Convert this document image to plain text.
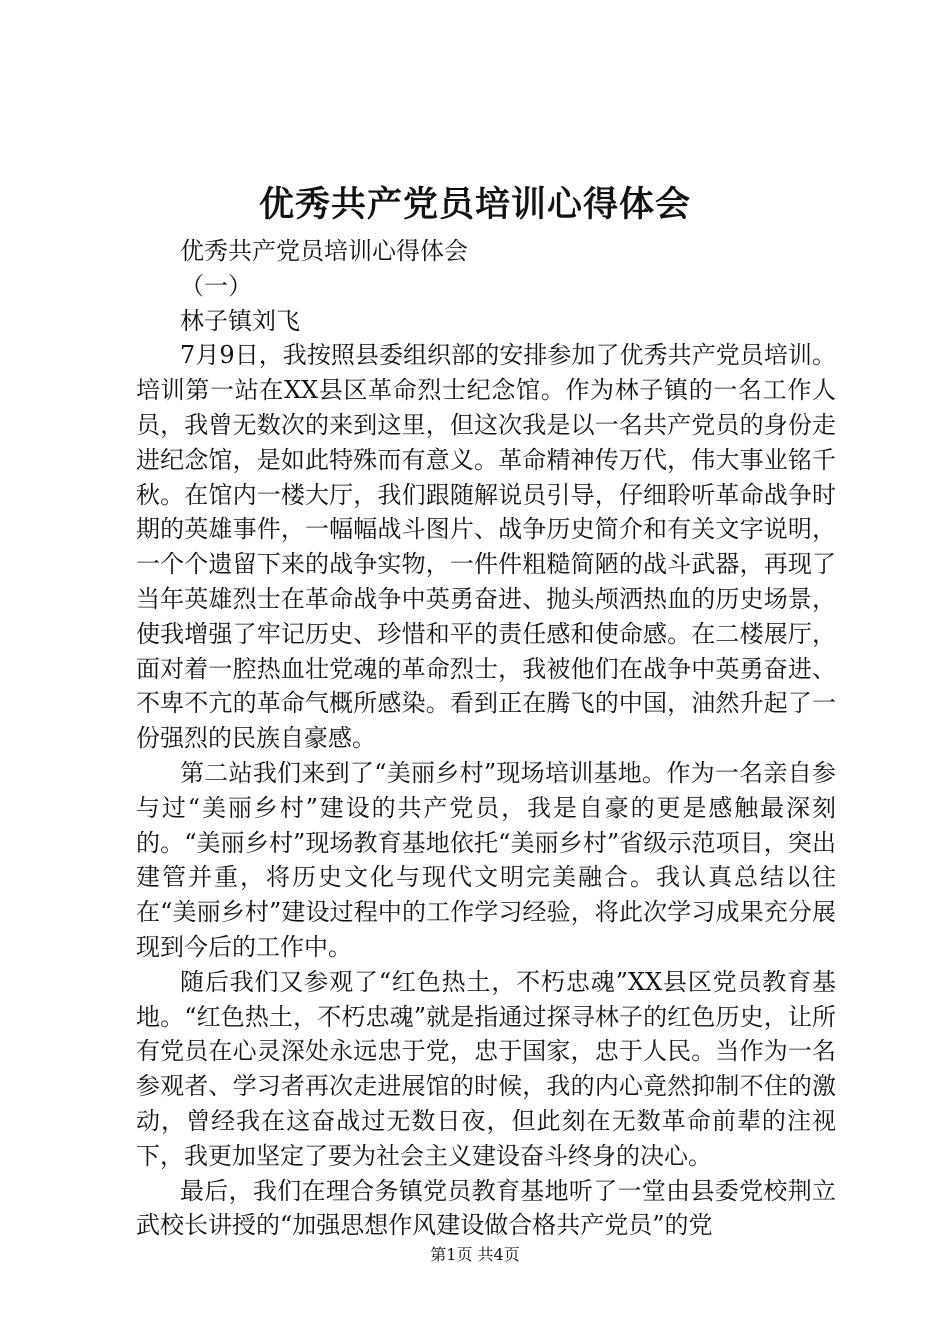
优秀共产党员培训心得体会

优秀共产党员培训心得体会

（一）

林子镇刘飞

7月9日，我按照县委组织部的安排参加了优秀共产党员培训。培训第一站在XX县区革命烈士纪念馆。作为林子镇的一名工作人员，我曾无数次的来到这里，但这次我是以一名共产党员的身份走进纪念馆，是如此特殊而有意义。革命精神传万代，伟大事业铭千秋。在馆内一楼大厅，我们跟随解说员引导，仔细聆听革命战争时期的英雄事件，一幅幅战斗图片、战争历史简介和有关文字说明，一个个遗留下来的战争实物，一件件粗糙简陋的战斗武器，再现了当年英雄烈士在革命战争中英勇奋进、抛头颅洒热血的历史场景，使我增强了牢记历史、珍惜和平的责任感和使命感。在二楼展厅，面对着一腔热血壮党魂的革命烈士，我被他们在战争中英勇奋进、不卑不亢的革命气概所感染。看到正在腾飞的中国，油然升起了一份强烈的民族自豪感。

第二站我们来到了“美丽乡村”现场培训基地。作为一名亲自参与过“美丽乡村”建设的共产党员，我是自豪的更是感触最深刻的。“美丽乡村”现场教育基地依托“美丽乡村”省级示范项目，突出建管并重，将历史文化与现代文明完美融合。我认真总结以往在“美丽乡村”建设过程中的工作学习经验，将此次学习成果充分展现到今后的工作中。

随后我们又参观了“红色热土，不朽忠魂”XX县区党员教育基地。“红色热土，不朽忠魂”就是指通过探寻林子的红色历史，让所有党员在心灵深处永远忠于党，忠于国家，忠于人民。当作为一名参观者、学习者再次走进展馆的时候，我的内心竟然抑制不住的激动，曾经我在这奋战过无数日夜，但此刻在无数革命前辈的注视下，我更加坚定了要为社会主义建设奋斗终身的决心。

最后，我们在理合务镇党员教育基地听了一堂由县委党校荆立武校长讲授的“加强思想作风建设做合格共产党员”的党

第1页 共4页
